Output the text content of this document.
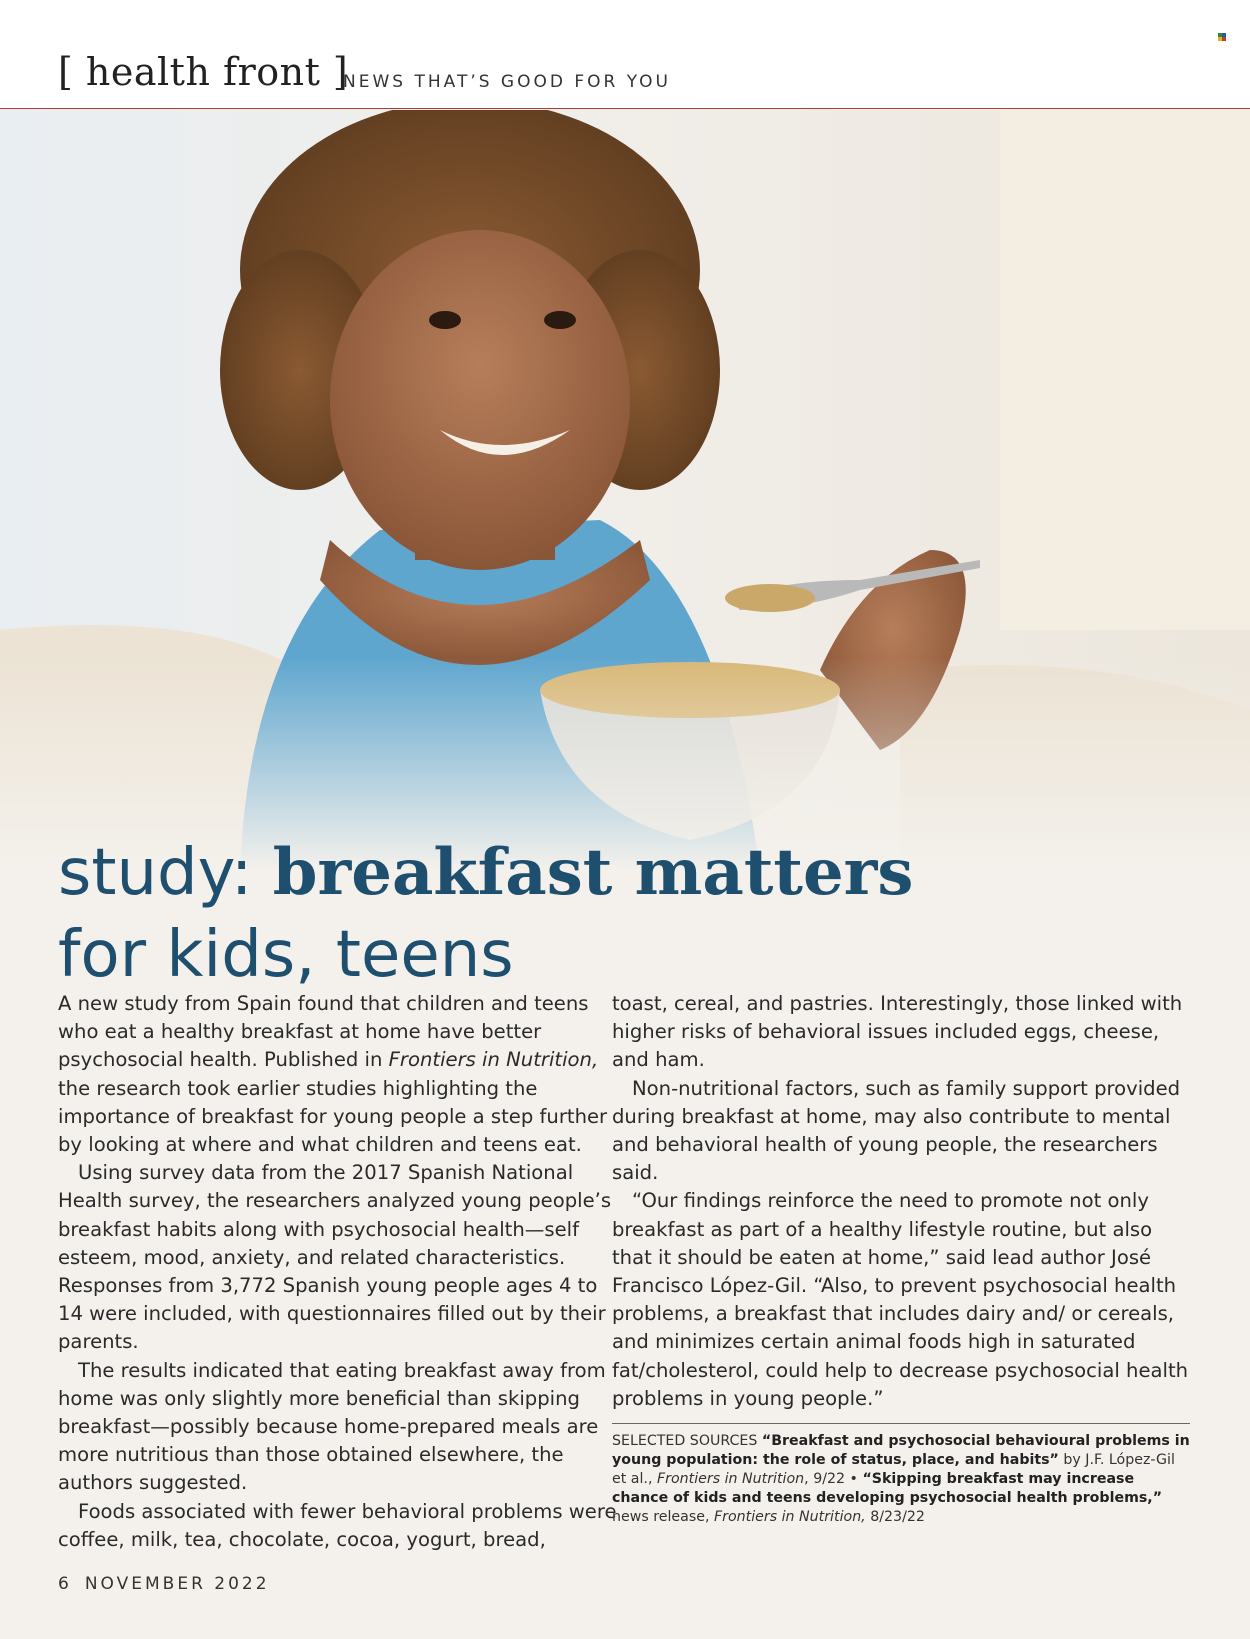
[ health front ]
NEWS THAT’S GOOD FOR YOU
study: breakfast matters
for kids, teens

A new study from Spain found that children and teens who eat a healthy breakfast at home have better psychosocial health. Published in Frontiers in Nutrition, the research took earlier studies highlighting the importance of breakfast for young people a step further by looking at where and what children and teens eat.

Using survey data from the 2017 Spanish National Health survey, the researchers analyzed young people’s breakfast habits along with psychosocial health—self esteem, mood, anxiety, and related characteristics. Responses from 3,772 Spanish young people ages 4 to 14 were included, with questionnaires filled out by their parents.

The results indicated that eating breakfast away from home was only slightly more beneficial than skipping breakfast—possibly because home-prepared meals are more nutritious than those obtained elsewhere, the authors suggested.

Foods associated with fewer behavioral problems were coffee, milk, tea, chocolate, cocoa, yogurt, bread,

toast, cereal, and pastries. Interestingly, those linked with higher risks of behavioral issues included eggs, cheese, and ham.

Non-nutritional factors, such as family support provided during breakfast at home, may also contribute to mental and behavioral health of young people, the researchers said.

“Our findings reinforce the need to promote not only breakfast as part of a healthy lifestyle routine, but also that it should be eaten at home,” said lead author José Francisco López-Gil. “Also, to prevent psychosocial health problems, a breakfast that includes dairy and/ or cereals, and minimizes certain animal foods high in saturated fat/cholesterol, could help to decrease psychosocial health problems in young people.”

SELECTED SOURCES “Breakfast and psychosocial behavioural problems in young population: the role of status, place, and habits” by J.F. López-Gil et al., Frontiers in Nutrition, 9/22 • “Skipping breakfast may increase chance of kids and teens developing psychosocial health problems,” news release, Frontiers in Nutrition, 8/23/22
6 NOVEMBER 2022
